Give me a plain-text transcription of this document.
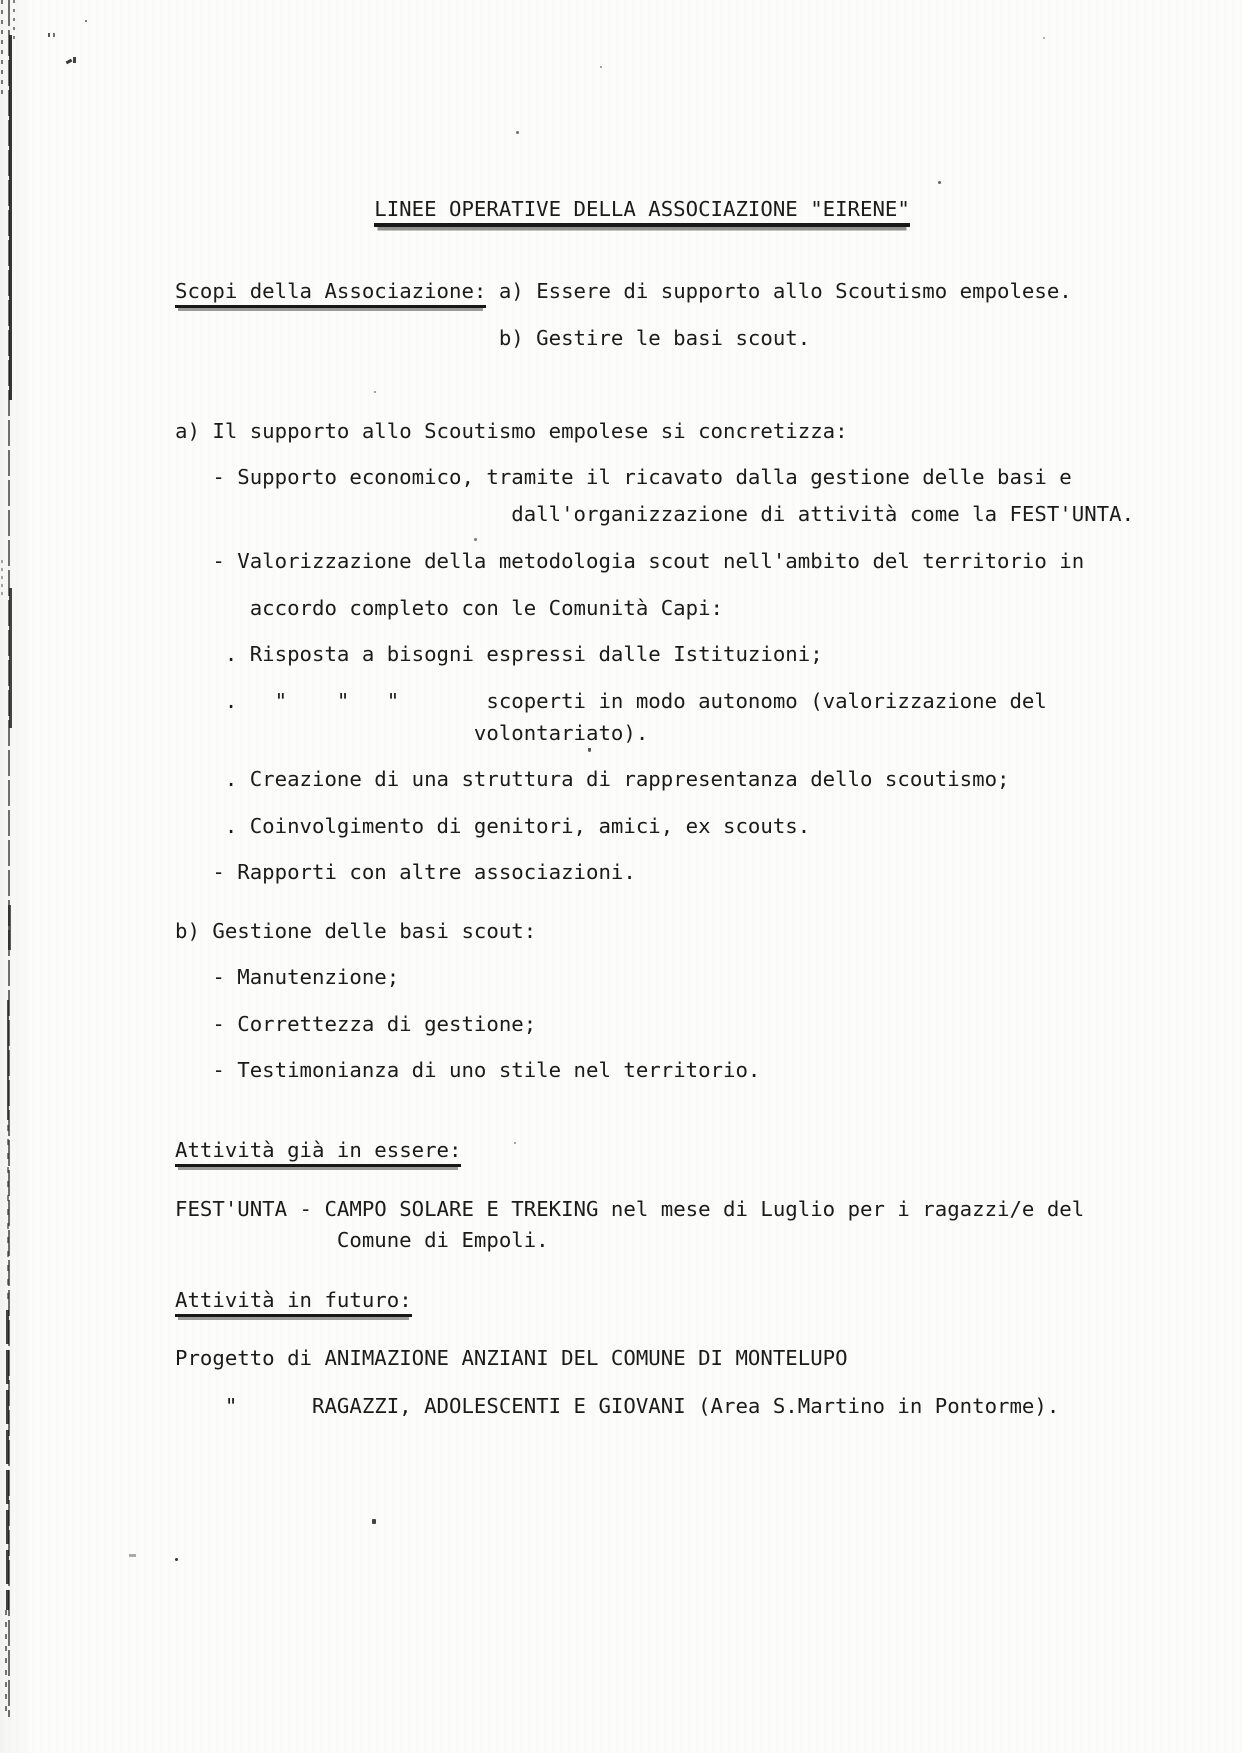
LINEE OPERATIVE DELLA ASSOCIAZIONE "EIRENE"
Scopi della Associazione: a) Essere di supporto allo Scoutismo empolese.
b) Gestire le basi scout.
a) Il supporto allo Scoutismo empolese si concretizza:
- Supporto economico, tramite il ricavato dalla gestione delle basi e
dall'organizzazione di attività come la FEST'UNTA.
- Valorizzazione della metodologia scout nell'ambito del territorio in
accordo completo con le Comunità Capi:
. Risposta a bisogni espressi dalle Istituzioni;
.   "    "   "       scoperti in modo autonomo (valorizzazione del
volontariato).
. Creazione di una struttura di rappresentanza dello scoutismo;
. Coinvolgimento di genitori, amici, ex scouts.
- Rapporti con altre associazioni.
b) Gestione delle basi scout:
- Manutenzione;
- Correttezza di gestione;
- Testimonianza di uno stile nel territorio.
Attività già in essere:
FEST'UNTA - CAMPO SOLARE E TREKING nel mese di Luglio per i ragazzi/e del
Comune di Empoli.
Attività in futuro:
Progetto di ANIMAZIONE ANZIANI DEL COMUNE DI MONTELUPO
"      RAGAZZI, ADOLESCENTI E GIOVANI (Area S.Martino in Pontorme).
